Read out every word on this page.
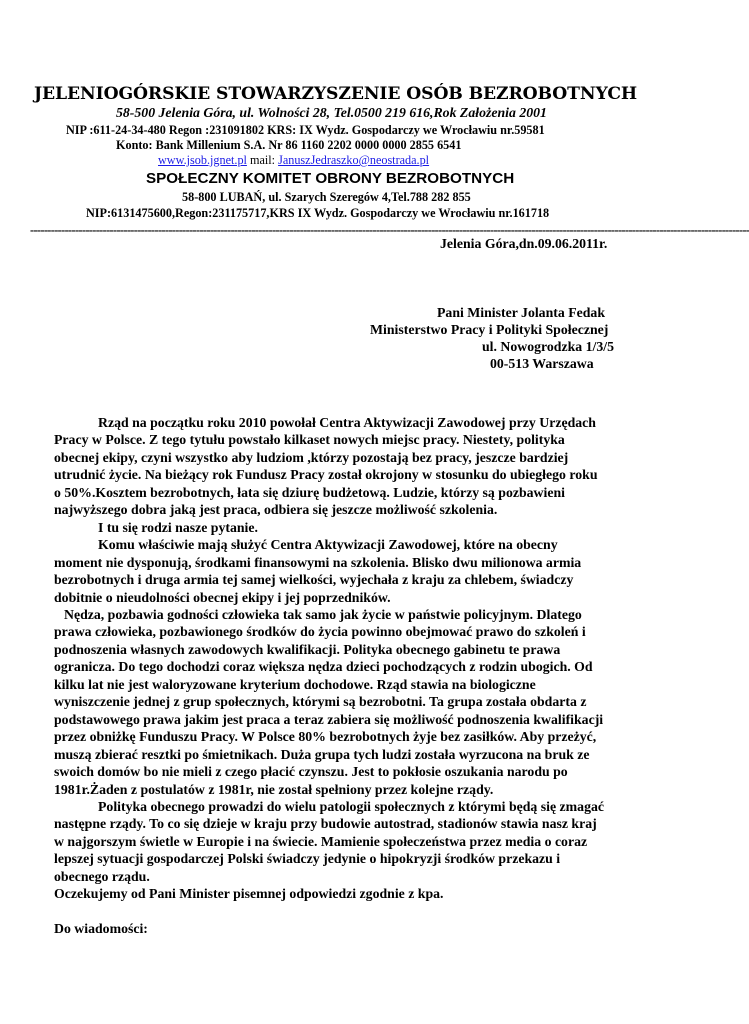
JELENIOGÓRSKIE STOWARZYSZENIE OSÓB BEZROBOTNYCH
58-500 Jelenia Góra, ul. Wolności 28, Tel.0500 219 616,Rok Założenia 2001
NIP :611-24-34-480 Regon :231091802 KRS: IX Wydz. Gospodarczy we Wrocławiu nr.59581
Konto: Bank Millenium S.A. Nr 86 1160 2202 0000 0000 2855 6541
www.jsob.jgnet.pl mail: JanuszJedraszko@neostrada.pl
SPOŁECZNY KOMITET OBRONY BEZROBOTNYCH
58-800 LUBAŃ, ul. Szarych Szeregów 4,Tel.788 282 855
NIP:6131475600,Regon:231175717,KRS IX Wydz. Gospodarczy we Wrocławiu nr.161718
----------------------------------------------------------------------------------------------------------------------------------------------------------------------------------------------------------------
Jelenia Góra,dn.09.06.2011r.
Pani Minister Jolanta Fedak
Ministerstwo Pracy i Polityki Społecznej
ul. Nowogrodzka 1/3/5
00-513 Warszawa
Rząd na początku roku 2010 powołał Centra Aktywizacji Zawodowej przy Urzędach
Pracy w Polsce. Z tego tytułu powstało kilkaset nowych miejsc pracy. Niestety, polityka
obecnej ekipy, czyni wszystko aby ludziom ,którzy pozostają bez pracy, jeszcze bardziej
utrudnić życie. Na bieżący rok Fundusz Pracy został okrojony w stosunku do ubiegłego roku
o 50%.Kosztem bezrobotnych, łata się dziurę budżetową. Ludzie, którzy są pozbawieni
najwyższego dobra jaką jest praca, odbiera się jeszcze możliwość szkolenia.
I tu się rodzi nasze pytanie.
Komu właściwie mają służyć Centra Aktywizacji Zawodowej, które na obecny
moment nie dysponują, środkami finansowymi na szkolenia. Blisko dwu milionowa armia
bezrobotnych i druga armia tej samej wielkości, wyjechała z kraju za chlebem, świadczy
dobitnie o nieudolności obecnej ekipy i jej poprzedników.
Nędza, pozbawia godności człowieka tak samo jak życie w państwie policyjnym. Dlatego
prawa człowieka, pozbawionego środków do życia powinno obejmować prawo do szkoleń i
podnoszenia własnych zawodowych kwalifikacji. Polityka obecnego gabinetu te prawa
ogranicza. Do tego dochodzi coraz większa nędza dzieci pochodzących z rodzin ubogich. Od
kilku lat nie jest waloryzowane kryterium dochodowe. Rząd stawia na biologiczne
wyniszczenie jednej z grup społecznych, którymi są bezrobotni. Ta grupa została obdarta z
podstawowego prawa jakim jest praca a teraz zabiera się możliwość podnoszenia kwalifikacji
przez obniżkę Funduszu Pracy. W Polsce 80% bezrobotnych żyje bez zasiłków. Aby przeżyć,
muszą zbierać resztki po śmietnikach. Duża grupa tych ludzi została wyrzucona na bruk ze
swoich domów bo nie mieli z czego płacić czynszu. Jest to pokłosie oszukania narodu po
1981r.Żaden z postulatów z 1981r, nie został spełniony przez kolejne rządy.
Polityka obecnego prowadzi do wielu patologii społecznych z którymi będą się zmagać
następne rządy. To co się dzieje w kraju przy budowie autostrad, stadionów stawia nasz kraj
w najgorszym świetle w Europie i na świecie. Mamienie społeczeństwa przez media o coraz
lepszej sytuacji gospodarczej Polski świadczy jedynie o hipokryzji środków przekazu i
obecnego rządu.
Oczekujemy od Pani Minister pisemnej odpowiedzi zgodnie z kpa.

Do wiadomości:
